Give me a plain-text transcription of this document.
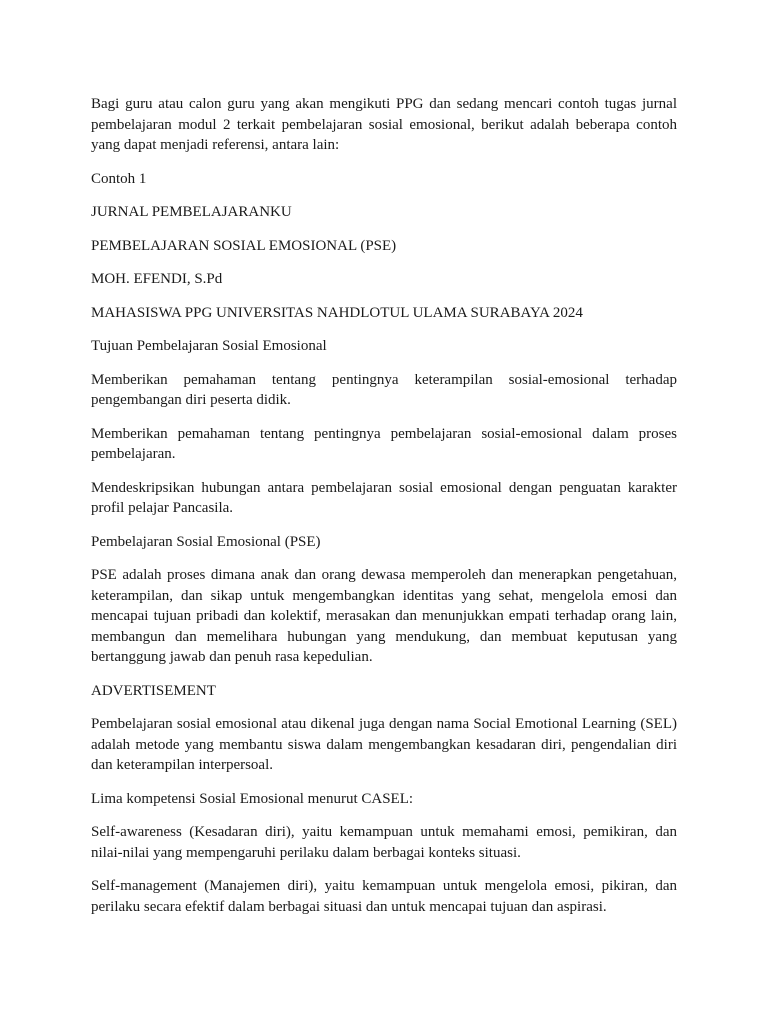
Bagi guru atau calon guru yang akan mengikuti PPG dan sedang mencari contoh tugas jurnal pembelajaran modul 2 terkait pembelajaran sosial emosional, berikut adalah beberapa contoh yang dapat menjadi referensi, antara lain:

Contoh 1

JURNAL PEMBELAJARANKU

PEMBELAJARAN SOSIAL EMOSIONAL (PSE)

MOH. EFENDI, S.Pd

MAHASISWA PPG UNIVERSITAS NAHDLOTUL ULAMA SURABAYA 2024

Tujuan Pembelajaran Sosial Emosional

Memberikan pemahaman tentang pentingnya keterampilan sosial-emosional terhadap pengembangan diri peserta didik.

Memberikan pemahaman tentang pentingnya pembelajaran sosial-emosional dalam proses pembelajaran.

Mendeskripsikan hubungan antara pembelajaran sosial emosional dengan penguatan karakter profil pelajar Pancasila.

Pembelajaran Sosial Emosional (PSE)

PSE adalah proses dimana anak dan orang dewasa memperoleh dan menerapkan pengetahuan, keterampilan, dan sikap untuk mengembangkan identitas yang sehat, mengelola emosi dan mencapai tujuan pribadi dan kolektif, merasakan dan menunjukkan empati terhadap orang lain, membangun dan memelihara hubungan yang mendukung, dan membuat keputusan yang bertanggung jawab dan penuh rasa kepedulian.

ADVERTISEMENT

Pembelajaran sosial emosional atau dikenal juga dengan nama Social Emotional Learning (SEL) adalah metode yang membantu siswa dalam mengembangkan kesadaran diri, pengendalian diri dan keterampilan interpersoal.

Lima kompetensi Sosial Emosional menurut CASEL:

Self-awareness (Kesadaran diri), yaitu kemampuan untuk memahami emosi, pemikiran, dan nilai-nilai yang mempengaruhi perilaku dalam berbagai konteks situasi.

Self-management (Manajemen diri), yaitu kemampuan untuk mengelola emosi, pikiran, dan perilaku secara efektif dalam berbagai situasi dan untuk mencapai tujuan dan aspirasi.
